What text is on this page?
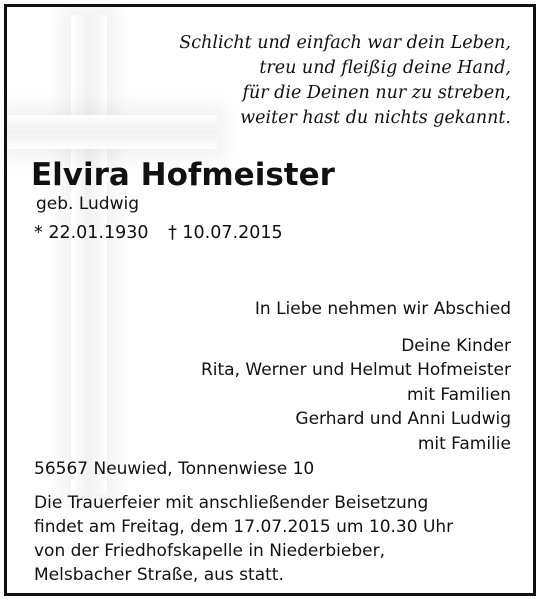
Schlicht und einfach war dein Leben,
treu und fleißig deine Hand,
für die Deinen nur zu streben,
weiter hast du nichts gekannt.
Elvira Hofmeister
geb. Ludwig
* 22.01.1930 † 10.07.2015
In Liebe nehmen wir Abschied
Deine Kinder
Rita, Werner und Helmut Hofmeister
mit Familien
Gerhard und Anni Ludwig
mit Familie
56567 Neuwied, Tonnenwiese 10
Die Trauerfeier mit anschließender Beisetzung
findet am Freitag, dem 17.07.2015 um 10.30 Uhr
von der Friedhofskapelle in Niederbieber,
Melsbacher Straße, aus statt.
